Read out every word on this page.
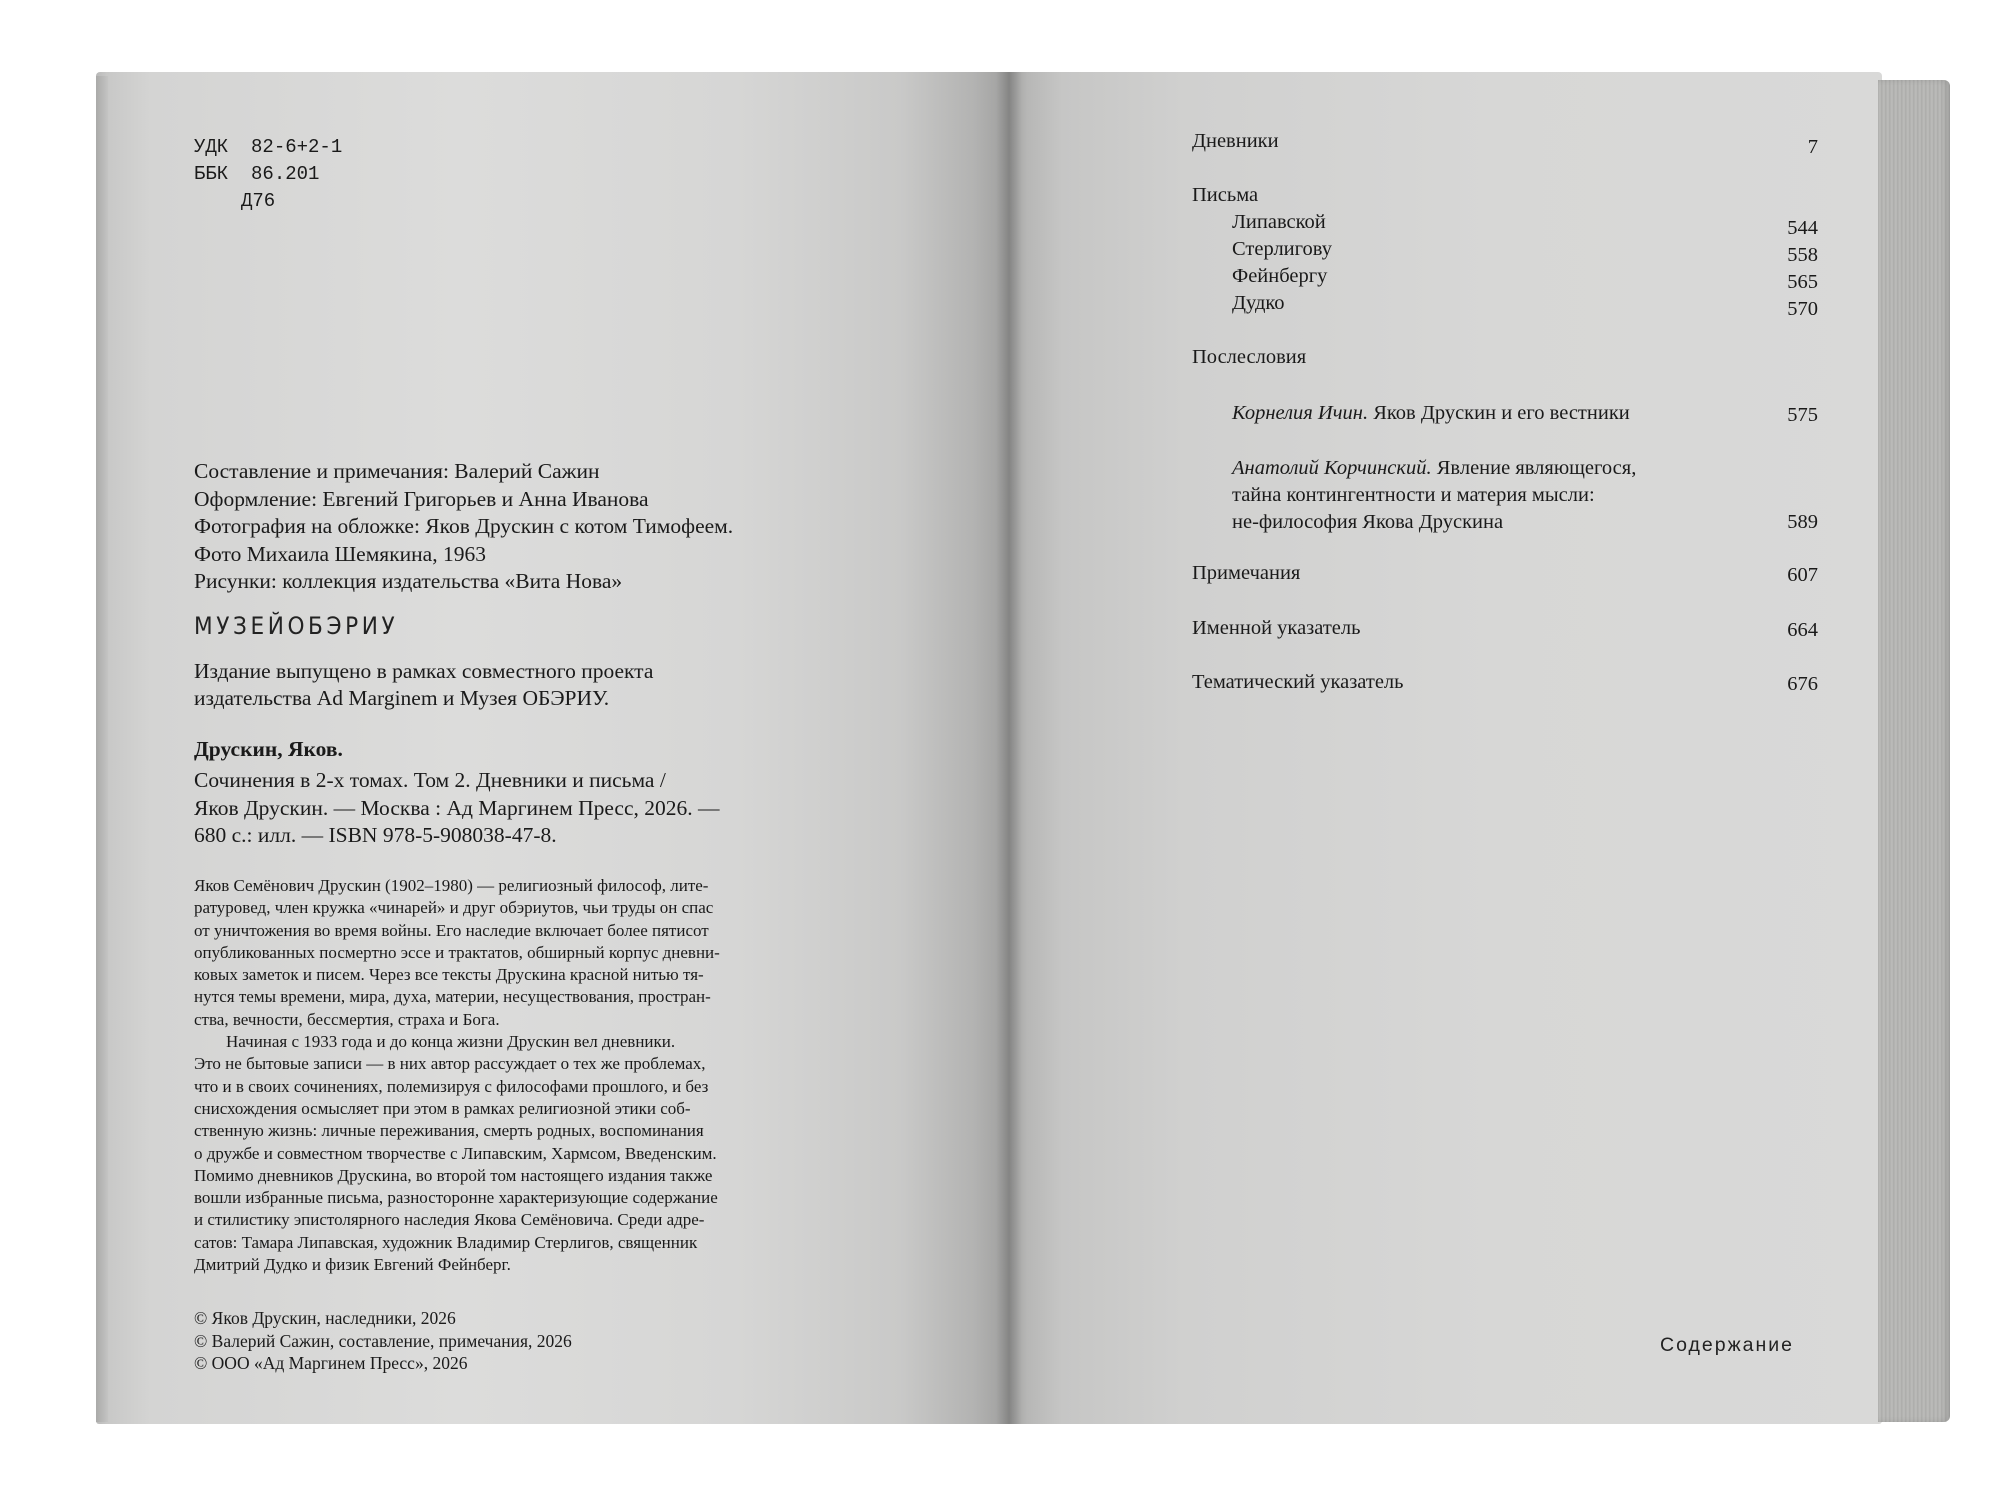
УДК  82-6+2-1
ББК  86.201
Д76
Составление и примечания: Валерий Сажин
Оформление: Евгений Григорьев и Анна Иванова
Фотография на обложке: Яков Друскин с котом Тимофеем.
Фото Михаила Шемякина, 1963
Рисунки: коллекция издательства «Вита Нова»
МУЗЕЙОБЭРИУ
Издание выпущено в рамках совместного проекта
издательства Ad Marginem и Музея ОБЭРИУ.
Друскин, Яков.
Сочинения в 2-х томах. Том 2. Дневники и письма /
Яков Друскин. — Москва : Ад Маргинем Пресс, 2026. —
680 с.: илл. — ISBN 978-5-908038-47-8.
Яков Семёнович Друскин (1902–1980) — религиозный философ, лите-
ратуровед, член кружка «чинарей» и друг обэриутов, чьи труды он спас
от уничтожения во время войны. Его наследие включает более пятисот
опубликованных посмертно эссе и трактатов, обширный корпус дневни-
ковых заметок и писем. Через все тексты Друскина красной нитью тя-
нутся темы времени, мира, духа, материи, несуществования, простран-
ства, вечности, бессмертия, страха и Бога.
Начиная с 1933 года и до конца жизни Друскин вел дневники.
Это не бытовые записи — в них автор рассуждает о тех же проблемах,
что и в своих сочинениях, полемизируя с философами прошлого, и без
снисхождения осмысляет при этом в рамках религиозной этики соб-
ственную жизнь: личные переживания, смерть родных, воспоминания
о дружбе и совместном творчестве с Липавским, Хармсом, Введенским.
Помимо дневников Друскина, во второй том настоящего издания также
вошли избранные письма, разносторонне характеризующие содержание
и стилистику эпистолярного наследия Якова Семёновича. Среди адре-
сатов: Тамара Липавская, художник Владимир Стерлигов, священник
Дмитрий Дудко и физик Евгений Фейнберг.
© Яков Друскин, наследники, 2026
© Валерий Сажин, составление, примечания, 2026
© ООО «Ад Маргинем Пресс», 2026
Дневники	7
Письма
Липавской	544
Стерлигову	558
Фейнбергу	565
Дудко	570
Послесловия
Корнелия Ичин. Яков Друскин и его вестники	575
Анатолий Корчинский. Явление являющегося,
тайна контингентности и материя мысли:
не-философия Якова Друскина	589
Примечания	607
Именной указатель	664
Тематический указатель	676
Содержание
